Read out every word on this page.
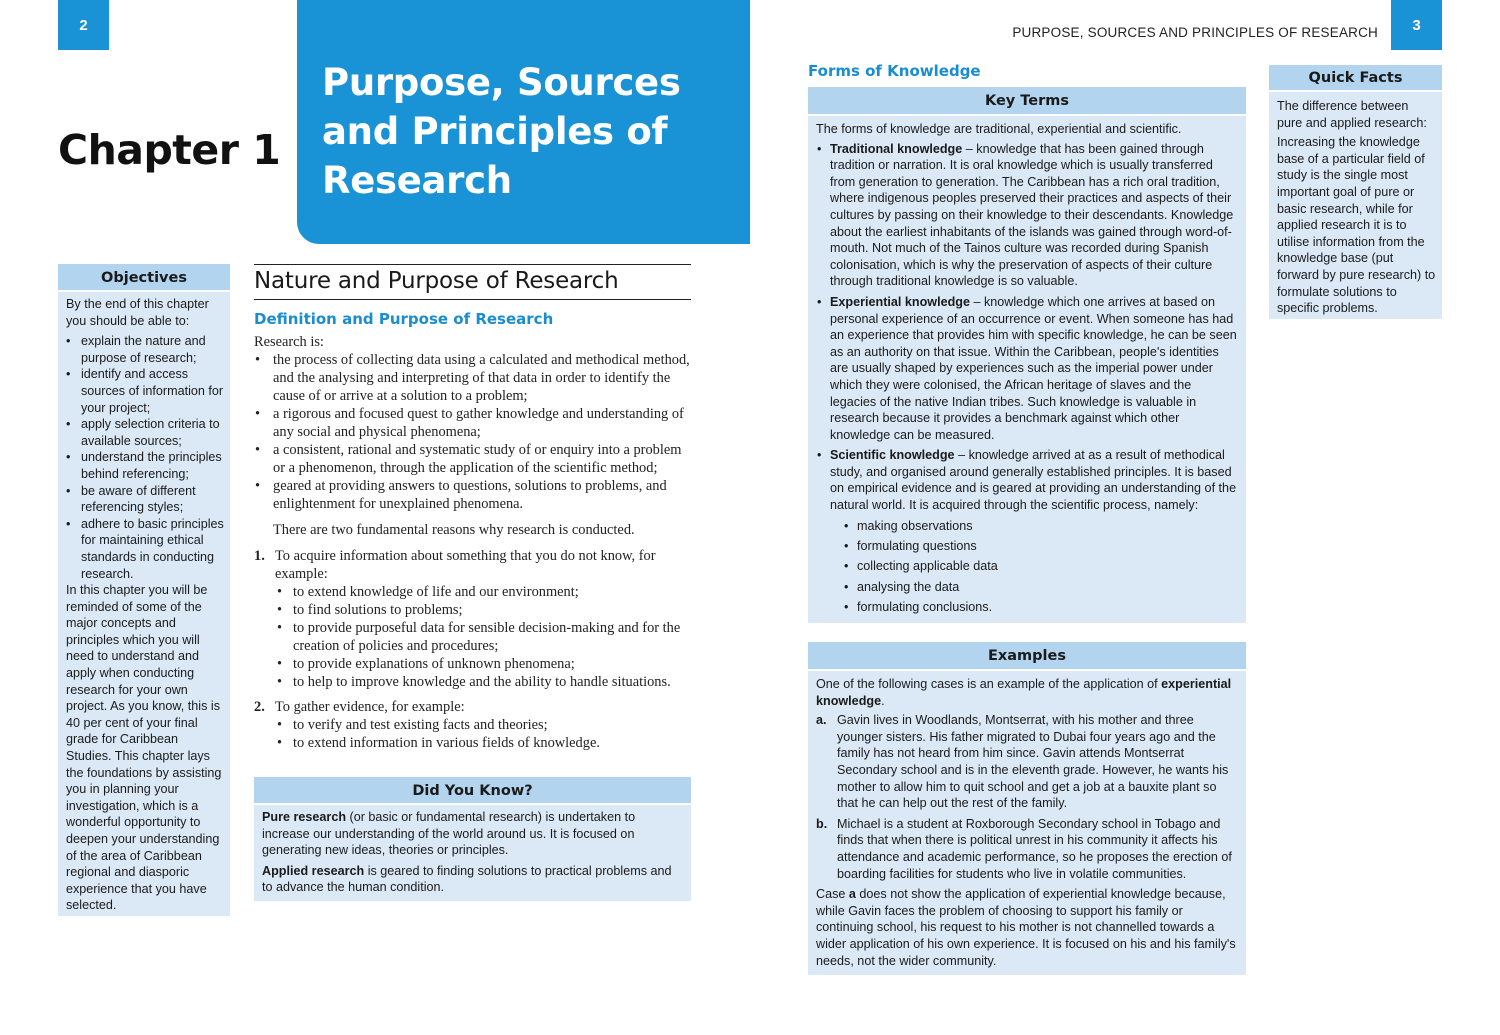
2
Chapter 1
Purpose, Sources and Principles of Research
Objectives
By the end of this chapter you should be able to:
• explain the nature and purpose of research;
• identify and access sources of information for your project;
• apply selection criteria to available sources;
• understand the principles behind referencing;
• be aware of different referencing styles;
• adhere to basic principles for maintaining ethical standards in conducting research.
In this chapter you will be reminded of some of the major concepts and principles which you will need to understand and apply when conducting research for your own project. As you know, this is 40 per cent of your final grade for Caribbean Studies. This chapter lays the foundations by assisting you in planning your investigation, which is a wonderful opportunity to deepen your understanding of the area of Caribbean regional and diasporic experience that you have selected.
Nature and Purpose of Research
Definition and Purpose of Research
Research is:
• the process of collecting data using a calculated and methodical method, and the analysing and interpreting of that data in order to identify the cause of or arrive at a solution to a problem;
• a rigorous and focused quest to gather knowledge and understanding of any social and physical phenomena;
• a consistent, rational and systematic study of or enquiry into a problem or a phenomenon, through the application of the scientific method;
• geared at providing answers to questions, solutions to problems, and enlightenment for unexplained phenomena.

There are two fundamental reasons why research is conducted.

1. To acquire information about something that you do not know, for example:
• to extend knowledge of life and our environment;
• to find solutions to problems;
• to provide purposeful data for sensible decision-making and for the creation of policies and procedures;
• to provide explanations of unknown phenomena;
• to help to improve knowledge and the ability to handle situations.
2. To gather evidence, for example:
• to verify and test existing facts and theories;
• to extend information in various fields of knowledge.
Did You Know?

Pure research (or basic or fundamental research) is undertaken to increase our understanding of the world around us. It is focused on generating new ideas, theories or principles.

Applied research is geared to finding solutions to practical problems and to advance the human condition.

PURPOSE, SOURCES AND PRINCIPLES OF RESEARCH	3
Forms of Knowledge
Key Terms
The forms of knowledge are traditional, experiential and scientific.
• Traditional knowledge – knowledge that has been gained through tradition or narration. It is oral knowledge which is usually transferred from generation to generation. The Caribbean has a rich oral tradition, where indigenous peoples preserved their practices and aspects of their cultures by passing on their knowledge to their descendants. Knowledge about the earliest inhabitants of the islands was gained through word-of-mouth. Not much of the Tainos culture was recorded during Spanish colonisation, which is why the preservation of aspects of their culture through traditional knowledge is so valuable.
• Experiential knowledge – knowledge which one arrives at based on personal experience of an occurrence or event. When someone has had an experience that provides him with specific knowledge, he can be seen as an authority on that issue. Within the Caribbean, people's identities are usually shaped by experiences such as the imperial power under which they were colonised, the African heritage of slaves and the legacies of the native Indian tribes. Such knowledge is valuable in research because it provides a benchmark against which other knowledge can be measured.
• Scientific knowledge – knowledge arrived at as a result of methodical study, and organised around generally established principles. It is based on empirical evidence and is geared at providing an understanding of the natural world. It is acquired through the scientific process, namely:
• making observations
• formulating questions
• collecting applicable data
• analysing the data
• formulating conclusions.
Examples
One of the following cases is an example of the application of experiential knowledge.
a. Gavin lives in Woodlands, Montserrat, with his mother and three younger sisters. His father migrated to Dubai four years ago and the family has not heard from him since. Gavin attends Montserrat Secondary school and is in the eleventh grade. However, he wants his mother to allow him to quit school and get a job at a bauxite plant so that he can help out the rest of the family.
b. Michael is a student at Roxborough Secondary school in Tobago and finds that when there is political unrest in his community it affects his attendance and academic performance, so he proposes the erection of boarding facilities for students who live in volatile communities.
Case a does not show the application of experiential knowledge because, while Gavin faces the problem of choosing to support his family or continuing school, his request to his mother is not channelled towards a wider application of his own experience. It is focused on his and his family's needs, not the wider community.
Quick Facts

The difference between pure and applied research:

Increasing the knowledge base of a particular field of study is the single most important goal of pure or basic research, while for applied research it is to utilise information from the knowledge base (put forward by pure research) to formulate solutions to specific problems.
